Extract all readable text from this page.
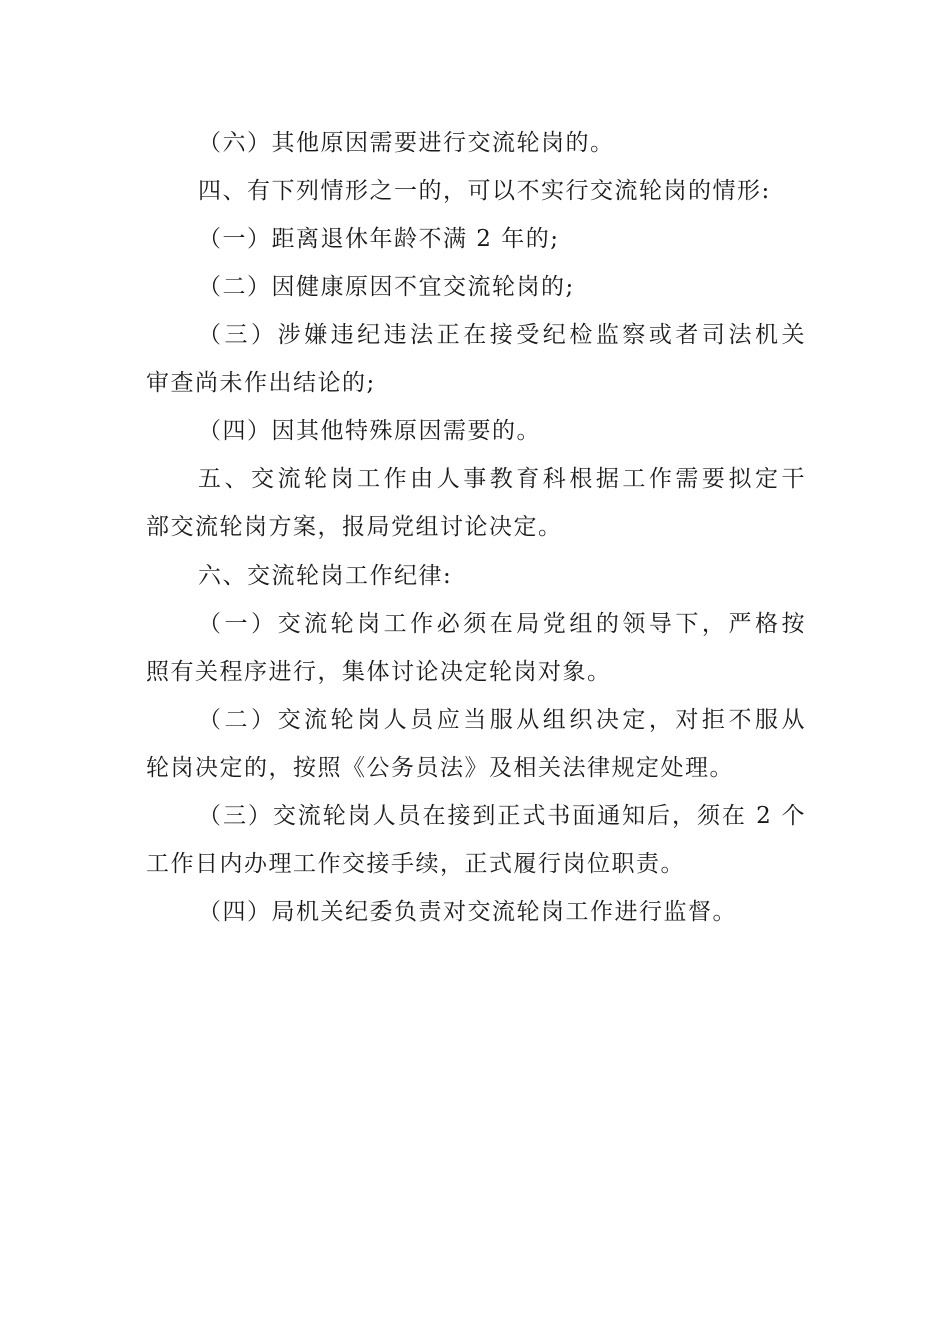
（六）其他原因需要进行交流轮岗的。
四、有下列情形之一的，可以不实行交流轮岗的情形:
（一）距离退休年龄不满 2 年的;
（二）因健康原因不宜交流轮岗的;
（三）涉嫌违纪违法正在接受纪检监察或者司法机关
审查尚未作出结论的;
（四）因其他特殊原因需要的。
五、交流轮岗工作由人事教育科根据工作需要拟定干
部交流轮岗方案，报局党组讨论决定。
六、交流轮岗工作纪律:
（一）交流轮岗工作必须在局党组的领导下，严格按
照有关程序进行，集体讨论决定轮岗对象。
（二）交流轮岗人员应当服从组织决定，对拒不服从
轮岗决定的，按照《公务员法》及相关法律规定处理。
（三）交流轮岗人员在接到正式书面通知后，须在 2 个
工作日内办理工作交接手续，正式履行岗位职责。
（四）局机关纪委负责对交流轮岗工作进行监督。
